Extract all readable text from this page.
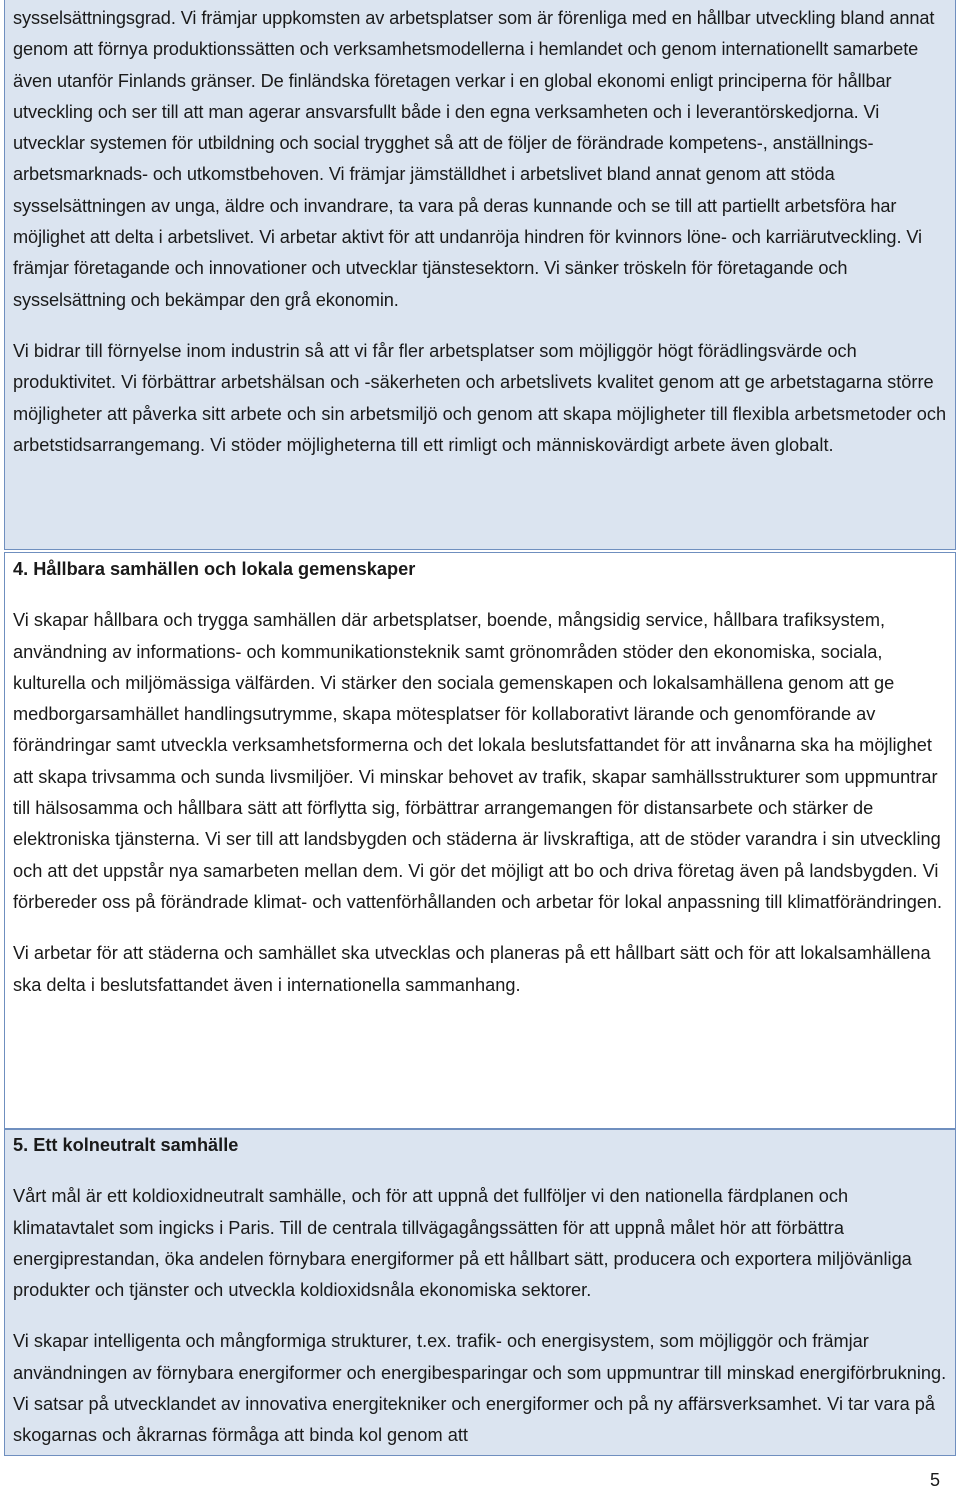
sysselsättningsgrad. Vi främjar uppkomsten av arbetsplatser som är förenliga med en hållbar utveckling bland annat genom att förnya produktionssätten och verksamhetsmodellerna i hemlandet och genom internationellt samarbete även utanför Finlands gränser. De finländska företagen verkar i en global ekonomi enligt principerna för hållbar utveckling och ser till att man agerar ansvarsfullt både i den egna verksamheten och i leverantörskedjorna. Vi utvecklar systemen för utbildning och social trygghet så att de följer de förändrade kompetens-, anställnings- arbetsmarknads- och utkomstbehoven. Vi främjar jämställdhet i arbetslivet bland annat genom att stöda sysselsättningen av unga, äldre och invandrare, ta vara på deras kunnande och se till att partiellt arbetsföra har möjlighet att delta i arbetslivet. Vi arbetar aktivt för att undanröja hindren för kvinnors löne- och karriärutveckling. Vi främjar företagande och innovationer och utvecklar tjänstesektorn. Vi sänker tröskeln för företagande och sysselsättning och bekämpar den grå ekonomin.

Vi bidrar till förnyelse inom industrin så att vi får fler arbetsplatser som möjliggör högt förädlingsvärde och produktivitet. Vi förbättrar arbetshälsan och -säkerheten och arbetslivets kvalitet genom att ge arbetstagarna större möjligheter att påverka sitt arbete och sin arbetsmiljö och genom att skapa möjligheter till flexibla arbetsmetoder och arbetstidsarrangemang. Vi stöder möjligheterna till ett rimligt och människovärdigt arbete även globalt.

4. Hållbara samhällen och lokala gemenskaper

Vi skapar hållbara och trygga samhällen där arbetsplatser, boende, mångsidig service, hållbara trafiksystem, användning av informations- och kommunikationsteknik samt grönområden stöder den ekonomiska, sociala, kulturella och miljömässiga välfärden. Vi stärker den sociala gemenskapen och lokalsamhällena genom att ge medborgarsamhället handlingsutrymme, skapa mötesplatser för kollaborativt lärande och genomförande av förändringar samt utveckla verksamhetsformerna och det lokala beslutsfattandet för att invånarna ska ha möjlighet att skapa trivsamma och sunda livsmiljöer. Vi minskar behovet av trafik, skapar samhällsstrukturer som uppmuntrar till hälsosamma och hållbara sätt att förflytta sig, förbättrar arrangemangen för distansarbete och stärker de elektroniska tjänsterna. Vi ser till att landsbygden och städerna är livskraftiga, att de stöder varandra i sin utveckling och att det uppstår nya samarbeten mellan dem. Vi gör det möjligt att bo och driva företag även på landsbygden. Vi förbereder oss på förändrade klimat- och vattenförhållanden och arbetar för lokal anpassning till klimatförändringen.

Vi arbetar för att städerna och samhället ska utvecklas och planeras på ett hållbart sätt och för att lokalsamhällena ska delta i beslutsfattandet även i internationella sammanhang.

5. Ett kolneutralt samhälle

Vårt mål är ett koldioxidneutralt samhälle, och för att uppnå det fullföljer vi den nationella färdplanen och klimatavtalet som ingicks i Paris. Till de centrala tillvägagångssätten för att uppnå målet hör att förbättra energiprestandan, öka andelen förnybara energiformer på ett hållbart sätt, producera och exportera miljövänliga produkter och tjänster och utveckla koldioxidsnåla ekonomiska sektorer.

Vi skapar intelligenta och mångformiga strukturer, t.ex. trafik- och energisystem, som möjliggör och främjar användningen av förnybara energiformer och energibesparingar och som uppmuntrar till minskad energiförbrukning. Vi satsar på utvecklandet av innovativa energitekniker och energiformer och på ny affärsverksamhet. Vi tar vara på skogarnas och åkrarnas förmåga att binda kol genom att

5
